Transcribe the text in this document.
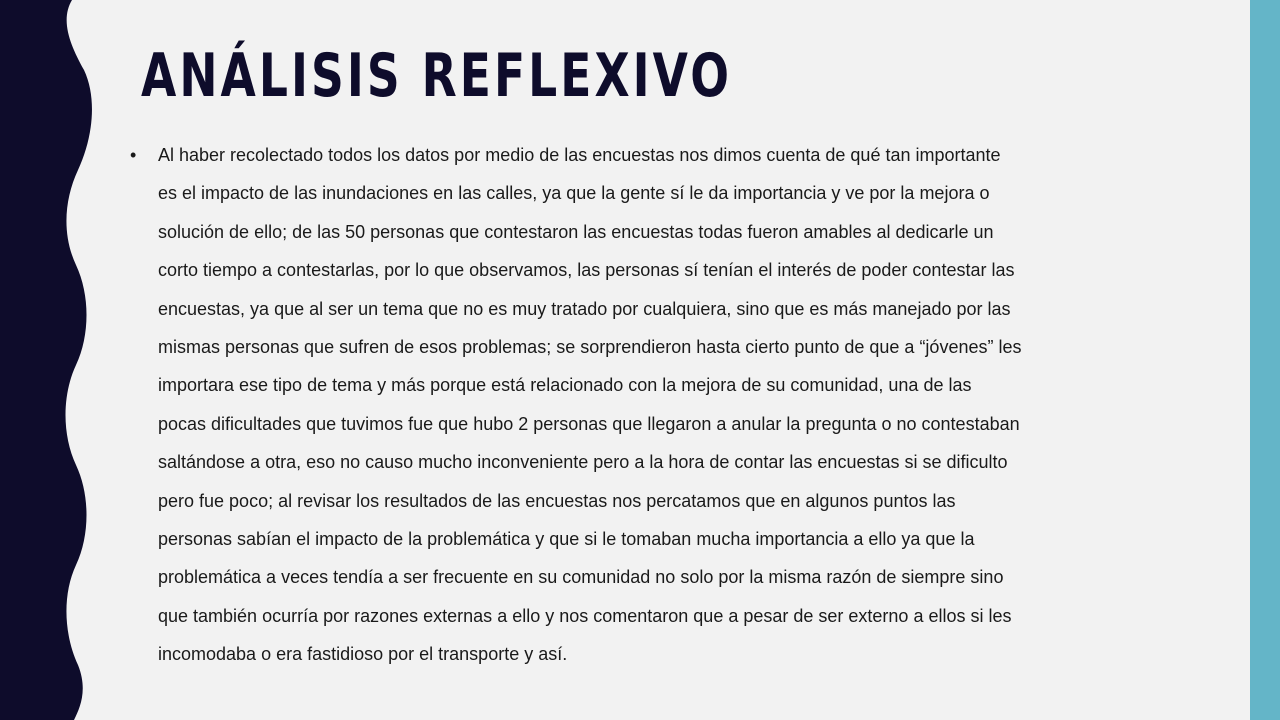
ANÁLISIS REFLEXIVO
• Al haber recolectado todos los datos por medio de las encuestas nos dimos cuenta de qué tan importante
es el impacto de las inundaciones en las calles, ya que la gente sí le da importancia y ve por la mejora o
solución de ello; de las 50 personas que contestaron las encuestas todas fueron amables al dedicarle un
corto tiempo a contestarlas, por lo que observamos, las personas sí tenían el interés de poder contestar las
encuestas, ya que al ser un tema que no es muy tratado por cualquiera, sino que es más manejado por las
mismas personas que sufren de esos problemas; se sorprendieron hasta cierto punto de que a “jóvenes” les
importara ese tipo de tema y más porque está relacionado con la mejora de su comunidad, una de las
pocas dificultades que tuvimos fue que hubo 2 personas que llegaron a anular la pregunta o no contestaban
saltándose a otra, eso no causo mucho inconveniente pero a la hora de contar las encuestas si se dificulto
pero fue poco; al revisar los resultados de las encuestas nos percatamos que en algunos puntos las
personas sabían el impacto de la problemática y que si le tomaban mucha importancia a ello ya que la
problemática a veces tendía a ser frecuente en su comunidad no solo por la misma razón de siempre sino
que también ocurría por razones externas a ello y nos comentaron que a pesar de ser externo a ellos si les
incomodaba o era fastidioso por el transporte y así.
